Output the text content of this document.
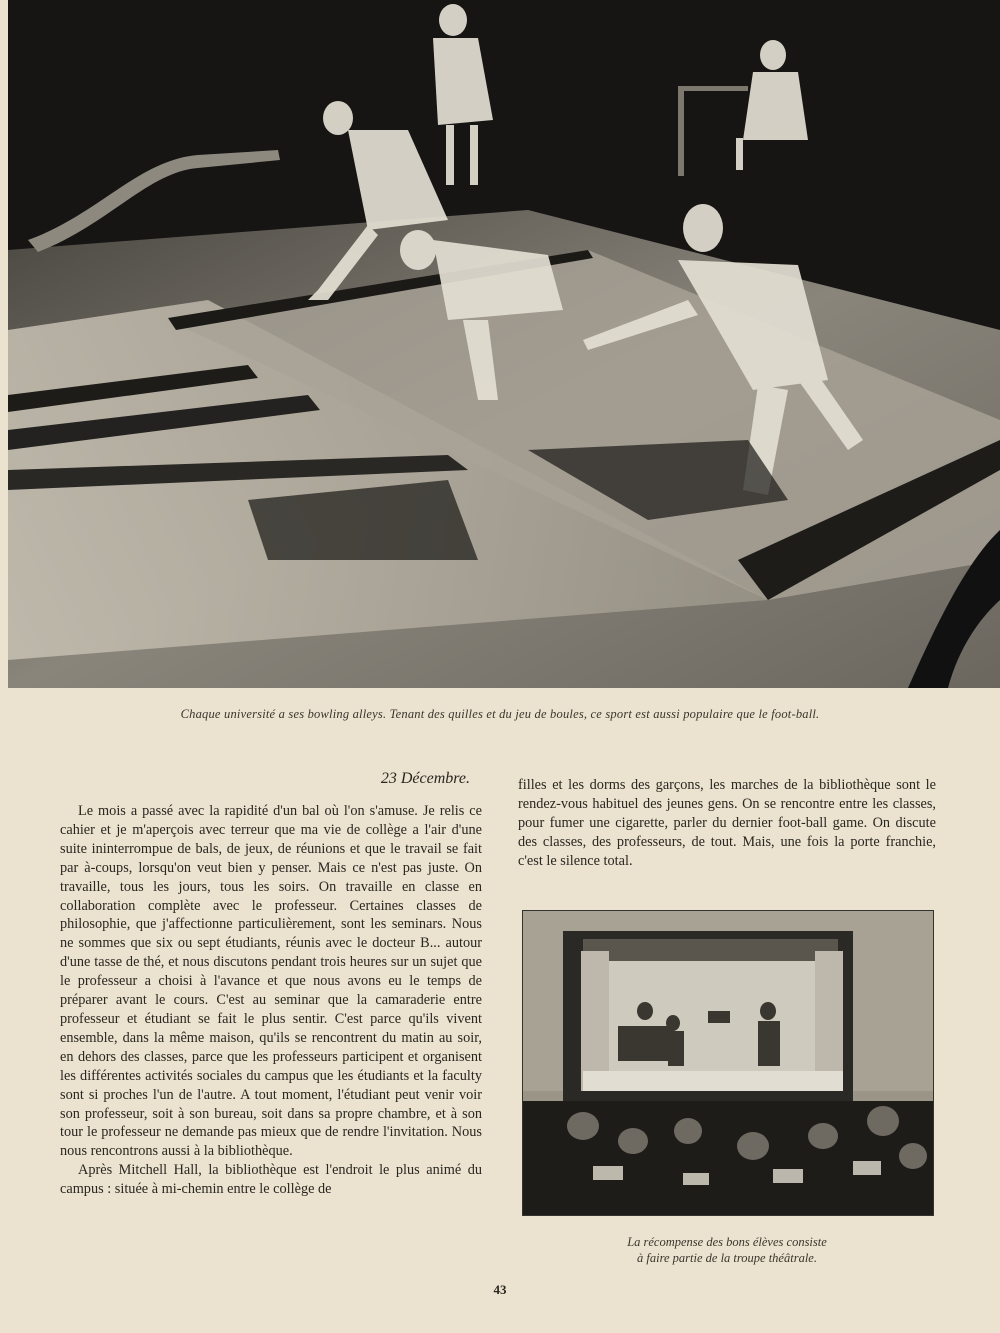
Chaque université a ses bowling alleys. Tenant des quilles et du jeu de boules, ce sport est aussi populaire que le foot-ball.
23 Décembre.

Le mois a passé avec la rapidité d'un bal où l'on s'amuse. Je relis ce cahier et je m'aperçois avec terreur que ma vie de collège a l'air d'une suite ininterrompue de bals, de jeux, de réunions et que le travail se fait par à-coups, lorsqu'on veut bien y penser. Mais ce n'est pas juste. On travaille, tous les jours, tous les soirs. On travaille en classe en collaboration complète avec le professeur. Certaines classes de philosophie, que j'affectionne particulièrement, sont les seminars. Nous ne sommes que six ou sept étudiants, réunis avec le docteur B... autour d'une tasse de thé, et nous discutons pendant trois heures sur un sujet que le professeur a choisi à l'avance et que nous avons eu le temps de préparer avant le cours. C'est au seminar que la camaraderie entre professeur et étudiant se fait le plus sentir. C'est parce qu'ils vivent ensemble, dans la même maison, qu'ils se rencontrent du matin au soir, en dehors des classes, parce que les professeurs participent et organisent les différentes activités sociales du campus que les étudiants et la faculty sont si proches l'un de l'autre. A tout moment, l'étudiant peut venir voir son professeur, soit à son bureau, soit dans sa propre chambre, et à son tour le professeur ne demande pas mieux que de rendre l'invitation. Nous nous rencontrons aussi à la bibliothèque.

Après Mitchell Hall, la bibliothèque est l'endroit le plus animé du campus : située à mi-chemin entre le collège de

filles et les dorms des garçons, les marches de la bibliothèque sont le rendez-vous habituel des jeunes gens. On se rencontre entre les classes, pour fumer une cigarette, parler du dernier foot-ball game. On discute des classes, des professeurs, de tout. Mais, une fois la porte franchie, c'est le silence total.

La récompense des bons élèves consiste
à faire partie de la troupe théâtrale.
43
